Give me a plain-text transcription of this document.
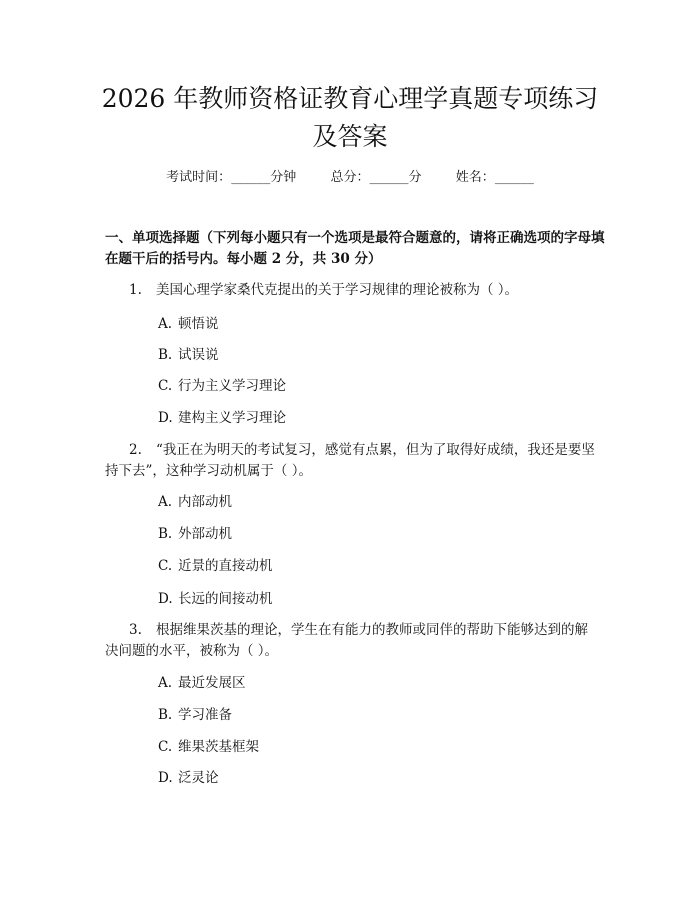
2026 年教师资格证教育心理学真题专项练习
及答案
考试时间：______分钟	总分：______分	姓名：______

一、单项选择题（下列每小题只有一个选项是最符合题意的，请将正确选项的字母填在题干后的括号内。每小题 2 分，共 30 分）

1. 美国心理学家桑代克提出的关于学习规律的理论被称为（ ）。

A. 顿悟说
B. 试误说
C. 行为主义学习理论
D. 建构主义学习理论

2. “我正在为明天的考试复习，感觉有点累，但为了取得好成绩，我还是要坚持下去”，这种学习动机属于（ ）。

A. 内部动机
B. 外部动机
C. 近景的直接动机
D. 长远的间接动机

3. 根据维果茨基的理论，学生在有能力的教师或同伴的帮助下能够达到的解决问题的水平，被称为（ ）。

A. 最近发展区
B. 学习准备
C. 维果茨基框架
D. 泛灵论
